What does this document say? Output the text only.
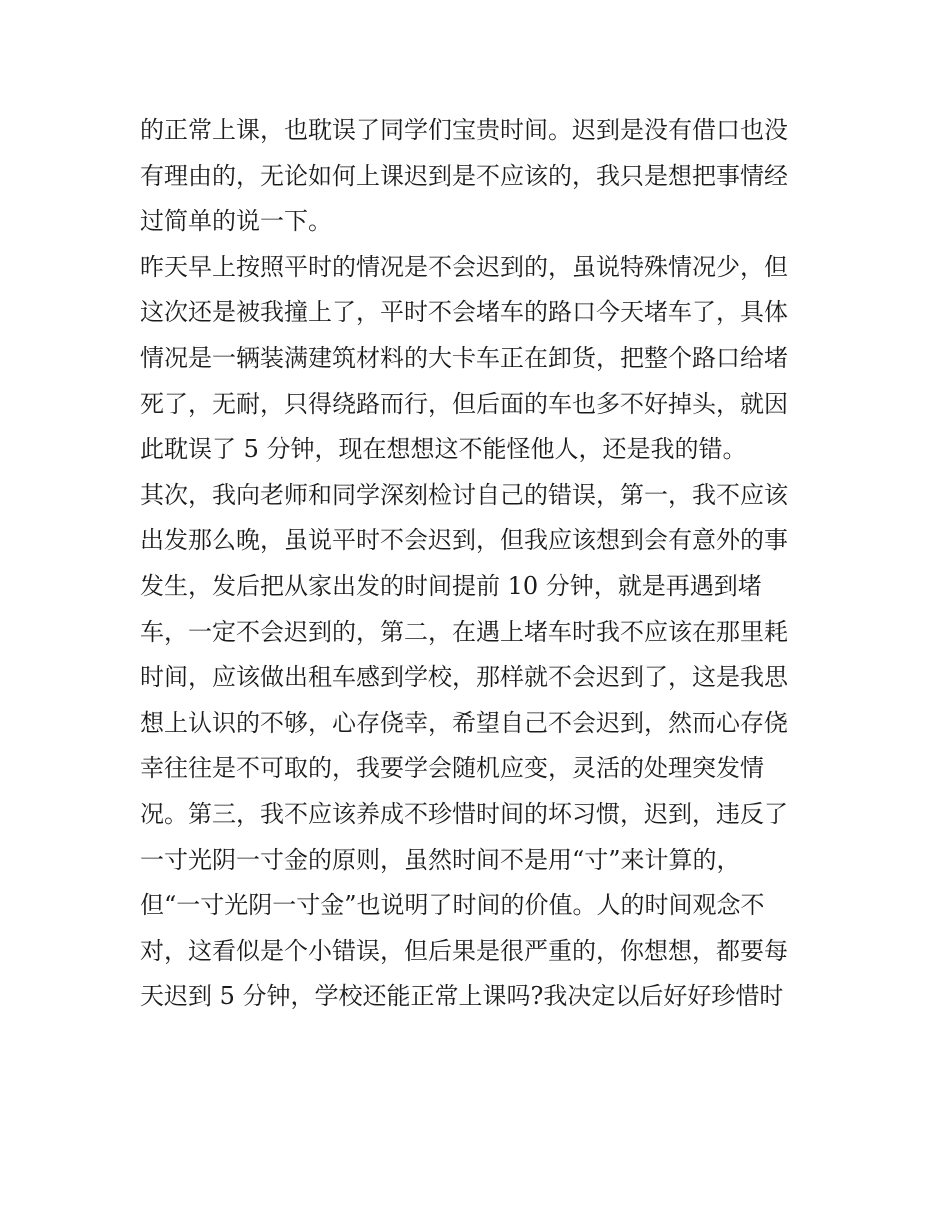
的正常上课，也耽误了同学们宝贵时间。迟到是没有借口也没
有理由的，无论如何上课迟到是不应该的，我只是想把事情经
过简单的说一下。
昨天早上按照平时的情况是不会迟到的，虽说特殊情况少，但
这次还是被我撞上了，平时不会堵车的路口今天堵车了，具体
情况是一辆装满建筑材料的大卡车正在卸货，把整个路口给堵
死了，无耐，只得绕路而行，但后面的车也多不好掉头，就因
此耽误了 5 分钟，现在想想这不能怪他人，还是我的错。
其次，我向老师和同学深刻检讨自己的错误，第一，我不应该
出发那么晚，虽说平时不会迟到，但我应该想到会有意外的事
发生，发后把从家出发的时间提前 10 分钟，就是再遇到堵
车，一定不会迟到的，第二，在遇上堵车时我不应该在那里耗
时间，应该做出租车感到学校，那样就不会迟到了，这是我思
想上认识的不够，心存侥幸，希望自己不会迟到，然而心存侥
幸往往是不可取的，我要学会随机应变，灵活的处理突发情
况。第三，我不应该养成不珍惜时间的坏习惯，迟到，违反了
一寸光阴一寸金的原则，虽然时间不是用“寸”来计算的，
但“一寸光阴一寸金”也说明了时间的价值。人的时间观念不
对，这看似是个小错误，但后果是很严重的，你想想，都要每
天迟到 5 分钟，学校还能正常上课吗?我决定以后好好珍惜时
